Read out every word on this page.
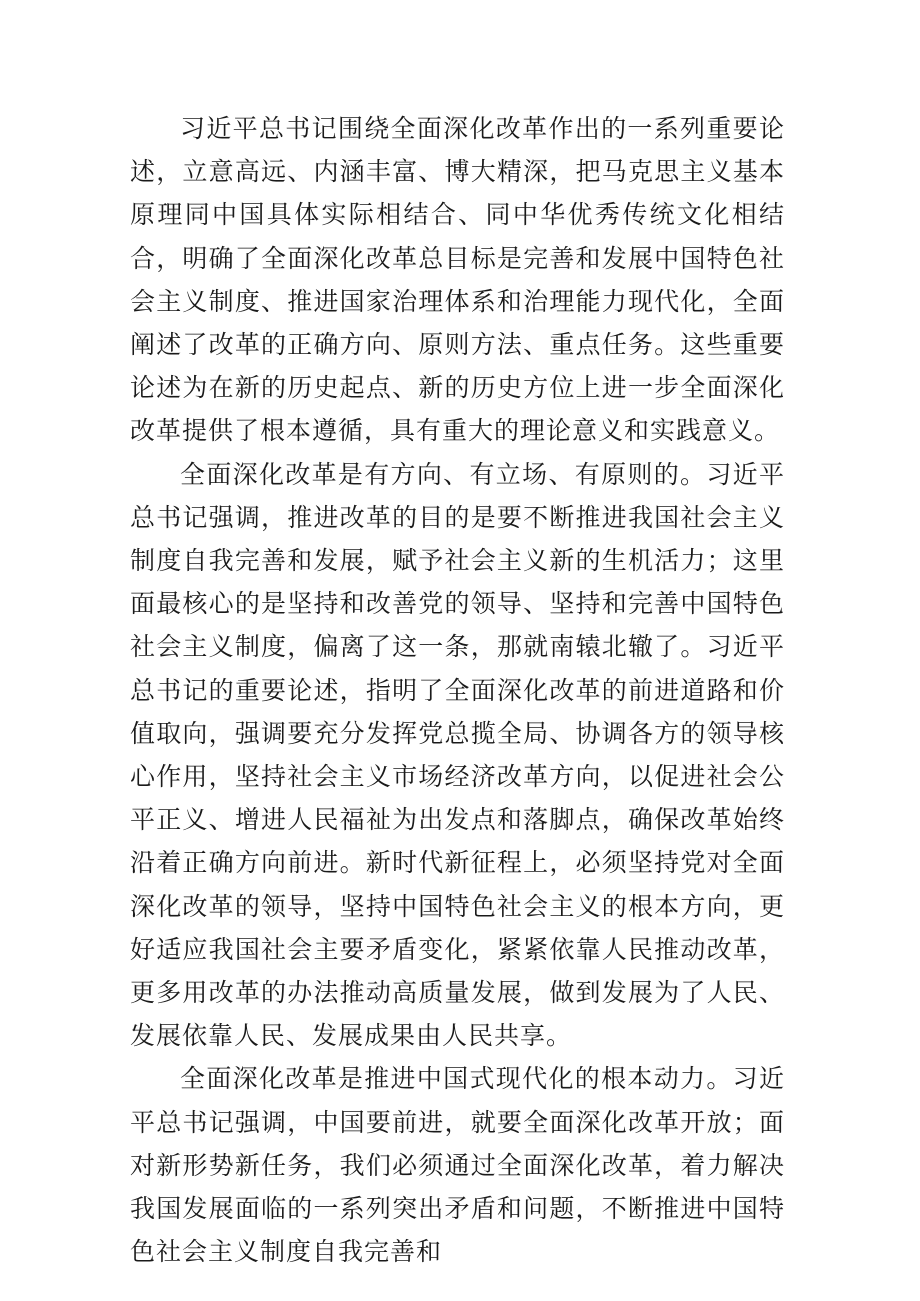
习近平总书记围绕全面深化改革作出的一系列重要论述，立意高远、内涵丰富、博大精深，把马克思主义基本原理同中国具体实际相结合、同中华优秀传统文化相结合，明确了全面深化改革总目标是完善和发展中国特色社会主义制度、推进国家治理体系和治理能力现代化，全面阐述了改革的正确方向、原则方法、重点任务。这些重要论述为在新的历史起点、新的历史方位上进一步全面深化改革提供了根本遵循，具有重大的理论意义和实践意义。

全面深化改革是有方向、有立场、有原则的。习近平总书记强调，推进改革的目的是要不断推进我国社会主义制度自我完善和发展，赋予社会主义新的生机活力；这里面最核心的是坚持和改善党的领导、坚持和完善中国特色社会主义制度，偏离了这一条，那就南辕北辙了。习近平总书记的重要论述，指明了全面深化改革的前进道路和价值取向，强调要充分发挥党总揽全局、协调各方的领导核心作用，坚持社会主义市场经济改革方向，以促进社会公平正义、增进人民福祉为出发点和落脚点，确保改革始终沿着正确方向前进。新时代新征程上，必须坚持党对全面深化改革的领导，坚持中国特色社会主义的根本方向，更好适应我国社会主要矛盾变化，紧紧依靠人民推动改革，更多用改革的办法推动高质量发展，做到发展为了人民、发展依靠人民、发展成果由人民共享。

全面深化改革是推进中国式现代化的根本动力。习近平总书记强调，中国要前进，就要全面深化改革开放；面对新形势新任务，我们必须通过全面深化改革，着力解决我国发展面临的一系列突出矛盾和问题，不断推进中国特色社会主义制度自我完善和
